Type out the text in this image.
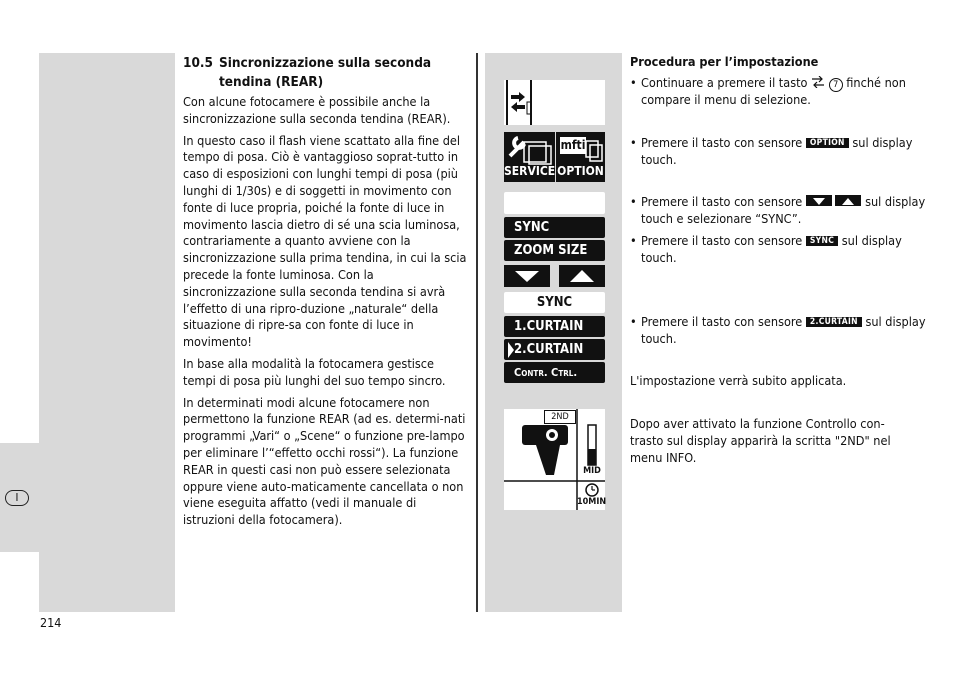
I
10.5 Sincronizzazione sulla seconda
tendina (REAR)

Con alcune fotocamere è possibile anche la sincronizzazione sulla seconda tendina (REAR).

In questo caso il flash viene scattato alla fine del tempo di posa. Ciò è vantaggioso soprat-tutto in caso di esposizioni con lunghi tempi di posa (più lunghi di 1/30s) e di soggetti in movimento con fonte di luce propria, poiché la fonte di luce in movimento lascia dietro di sé una scia luminosa, contrariamente a quanto avviene con la sincronizzazione sulla prima tendina, in cui la scia precede la fonte luminosa. Con la sincronizzazione sulla seconda tendina si avrà l’effetto di una ripro-duzione „naturale“ della situazione di ripre-sa con fonte di luce in movimento!

In base alla modalità la fotocamera gestisce tempi di posa più lunghi del suo tempo sincro.

In determinati modi alcune fotocamere non permettono la funzione REAR (ad es. determi-nati programmi „Vari“ o „Scene“ o funzione pre-lampo per eliminare l’“effetto occhi rossi“). La funzione REAR in questi casi non può essere selezionata oppure viene auto-maticamente cancellata o non viene eseguita affatto (vedi il manuale di istruzioni della fotocamera).

SERVICE
mfti
OPTION
SYNC
ZOOM SIZE
SYNC
1.CURTAIN
2.CURTAIN
Contr. Ctrl.
2ND
MID
10MIN
Procedura per l’impostazione
• Continuare a premere il tasto	7 finché non compare il menu di selezione.
• Premere il tasto con sensore OPTION sul display touch.
• Premere il tasto con sensore	sul display touch e selezionare “SYNC”.
• Premere il tasto con sensore SYNC sul display touch.
• Premere il tasto con sensore 2.CURTAIN sul display touch.
L'impostazione verrà subito applicata.
Dopo aver attivato la funzione Controllo con-trasto sul display apparirà la scritta "2ND" nel menu INFO.
214
